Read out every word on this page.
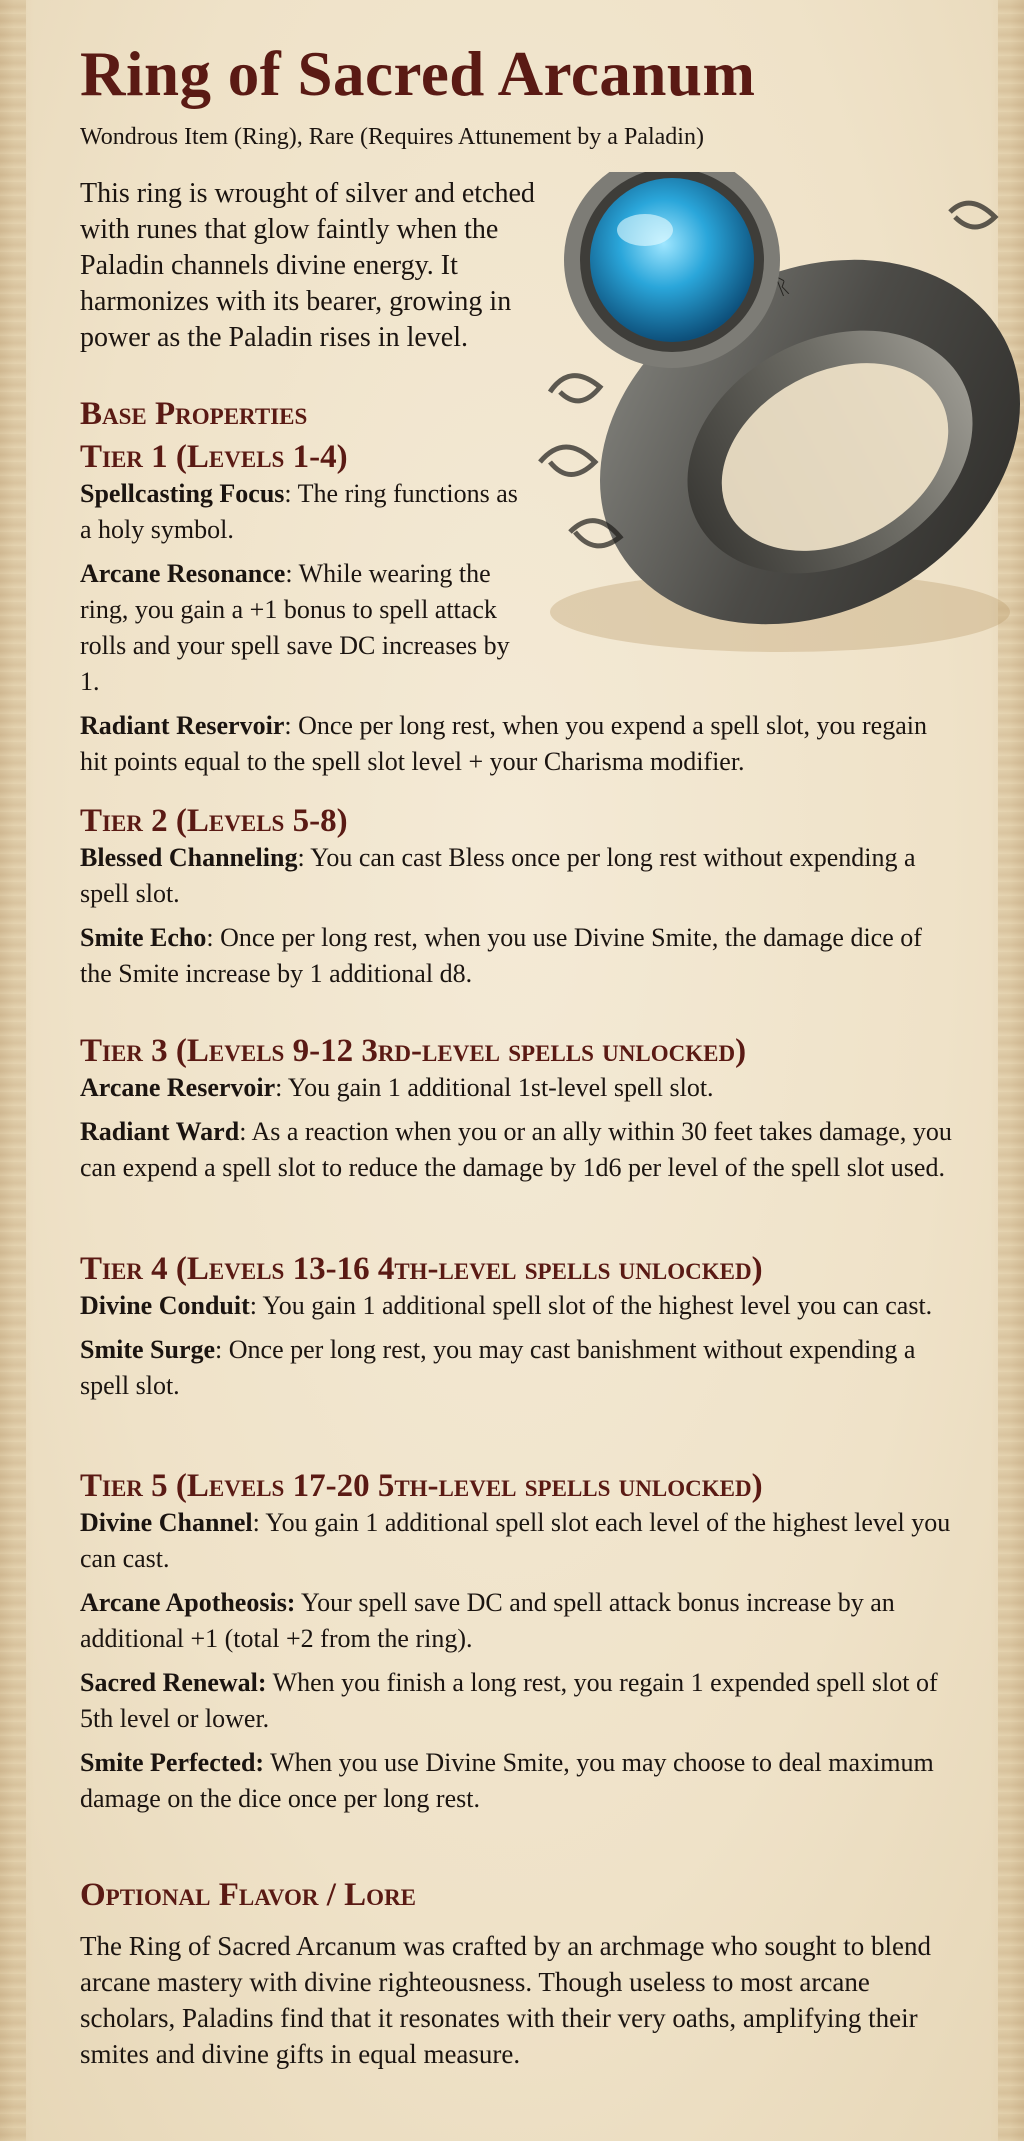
Ring of Sacred Arcanum
Wondrous Item (Ring), Rare (Requires Attunement by a Paladin)
This ring is wrought of silver and etched with runes that glow faintly when the Paladin channels divine energy. It harmonizes with its bearer, growing in power as the Paladin rises in level.
Base Properties
Tier 1 (Levels 1-4)

Spellcasting Focus: The ring functions as a holy symbol.

Arcane Resonance: While wearing the ring, you gain a +1 bonus to spell attack rolls and your spell save DC increases by 1.

Radiant Reservoir: Once per long rest, when you expend a spell slot, you regain hit points equal to the spell slot level + your Charisma modifier.

Tier 2 (Levels 5-8)

Blessed Channeling: You can cast Bless once per long rest without expending a spell slot.

Smite Echo: Once per long rest, when you use Divine Smite, the damage dice of the Smite increase by 1 additional d8.

Tier 3 (Levels 9-12 3rd-level spells unlocked)

Arcane Reservoir: You gain 1 additional 1st-level spell slot.

Radiant Ward: As a reaction when you or an ally within 30 feet takes damage, you can expend a spell slot to reduce the damage by 1d6 per level of the spell slot used.

Tier 4 (Levels 13-16 4th-level spells unlocked)

Divine Conduit: You gain 1 additional spell slot of the highest level you can cast.

Smite Surge: Once per long rest, you may cast banishment without expending a spell slot.

Tier 5 (Levels 17-20 5th-level spells unlocked)

Divine Channel: You gain 1 additional spell slot each level of the highest level you can cast.

Arcane Apotheosis: Your spell save DC and spell attack bonus increase by an additional +1 (total +2 from the ring).

Sacred Renewal: When you finish a long rest, you regain 1 expended spell slot of 5th level or lower.

Smite Perfected: When you use Divine Smite, you may choose to deal maximum damage on the dice once per long rest.

Optional Flavor / Lore
The Ring of Sacred Arcanum was crafted by an archmage who sought to blend arcane mastery with divine righteousness. Though useless to most arcane scholars, Paladins find that it resonates with their very oaths, amplifying their smites and divine gifts in equal measure.
